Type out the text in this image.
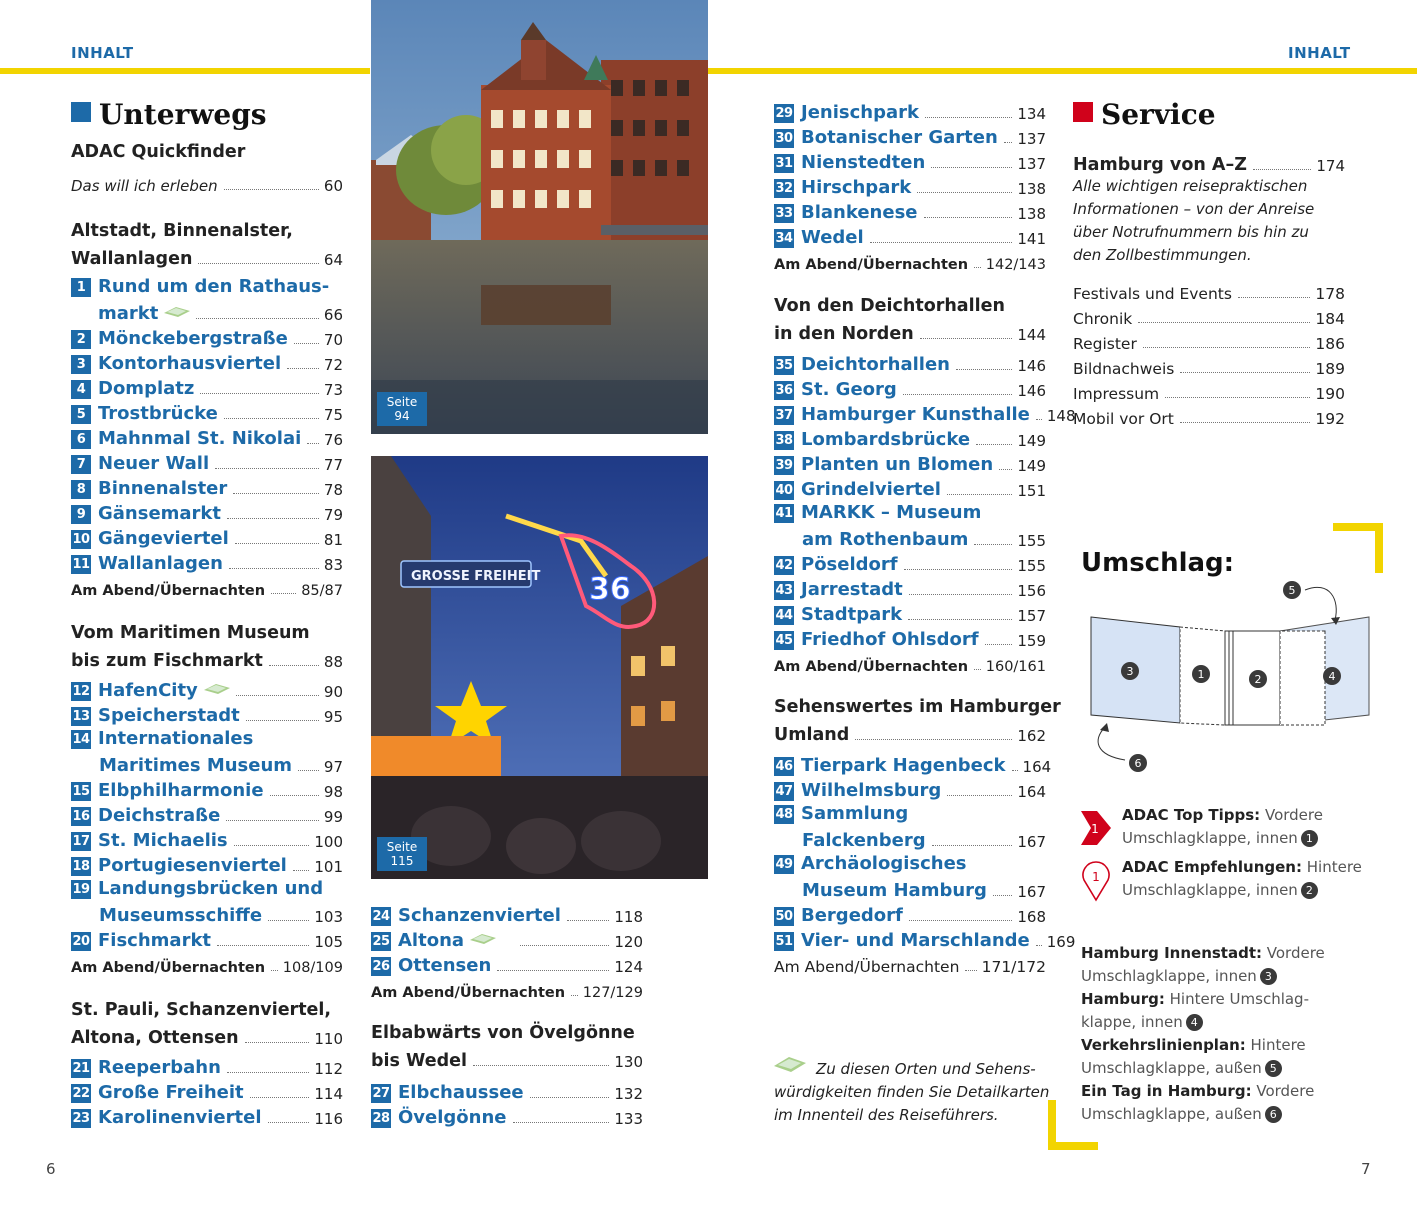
INHALT	INHALT
Unterwegs
ADAC Quickfinder
Das will ich erleben	60
Altstadt, Binnenalster,
Wallanlagen	64
1 Rund um den Rathaus-
markt	66
2 Mönckebergstraße 70
3 Kontorhausviertel	72
4 Domplatz	73
5 Trostbrücke	75
6 Mahnmal St. Nikolai 76
7 Neuer Wall	77
8 Binnenalster	78
9 Gänsemarkt	79
10 Gängeviertel	81
11 Wallanlagen	83
Am Abend/Übernachten 85/87
Vom Maritimen Museum
bis zum Fischmarkt	88
12 HafenCity	90
13 Speicherstadt	95
14 Internationales
Maritimes Museum 97
15 Elbphilharmonie	98
16 Deichstraße	99
17 St. Michaelis	100
18 Portugiesenviertel 101
19 Landungsbrücken und
Museumsschiffe	103
20 Fischmarkt	105
Am Abend/Übernachten 108/109
St. Pauli, Schanzenviertel,
Altona, Ottensen	110
21 Reeperbahn	112
22 Große Freiheit	114
23 Karolinenviertel	116
6
Seite
94
GROSSE FREIHEIT 36
Seite
115
24 Schanzenviertel	118
25 Altona	120
26 Ottensen	124
Am Abend/Übernachten 127/129
Elbabwärts von Övelgönne
bis Wedel	130
27 Elbchaussee	132
28 Övelgönne	133
29 Jenischpark	134
30 Botanischer Garten 137
31 Nienstedten	137
32 Hirschpark	138
33 Blankenese	138
34 Wedel	141
Am Abend/Übernachten 142/143
Von den Deichtorhallen
in den Norden	144
35 Deichtorhallen	146
36 St. Georg	146
37 Hamburger Kunsthalle 148
38 Lombardsbrücke	149
39 Planten un Blomen 149
40 Grindelviertel	151
41 MARKK – Museum
am Rothenbaum	155
42 Pöseldorf	155
43 Jarrestadt	156
44 Stadtpark	157
45 Friedhof Ohlsdorf	159
Am Abend/Übernachten 160/161
Sehenswertes im Hamburger
Umland	162
46 Tierpark Hagenbeck 164
47 Wilhelmsburg	164
48 Sammlung
Falckenberg	167
49 Archäologisches
Museum Hamburg 167
50 Bergedorf	168
51 Vier- und Marschlande 169
Am Abend/Übernachten 171/172
Zu diesen Orten und Sehens-
würdigkeiten finden Sie Detailkarten
im Innenteil des Reiseführers.
Service
Hamburg von A–Z	174
Alle wichtigen reisepraktischen
Informationen – von der Anreise
über Notrufnummern bis hin zu
den Zollbestimmungen.
Festivals und Events	178
Chronik	184
Register	186
Bildnachweis	189
Impressum	190
Mobil vor Ort	192
Umschlag:
1	2
3	4
5
6
1
ADAC Top Tipps: Vordere
Umschlagklappe, innen 1
1
ADAC Empfehlungen: Hintere
Umschlagklappe, innen 2
Hamburg Innenstadt: Vordere
Umschlagklappe, innen 3
Hamburg: Hintere Umschlag-
klappe, innen 4
Verkehrslinienplan: Hintere
Umschlagklappe, außen 5
Ein Tag in Hamburg: Vordere
Umschlagklappe, außen 6
7
